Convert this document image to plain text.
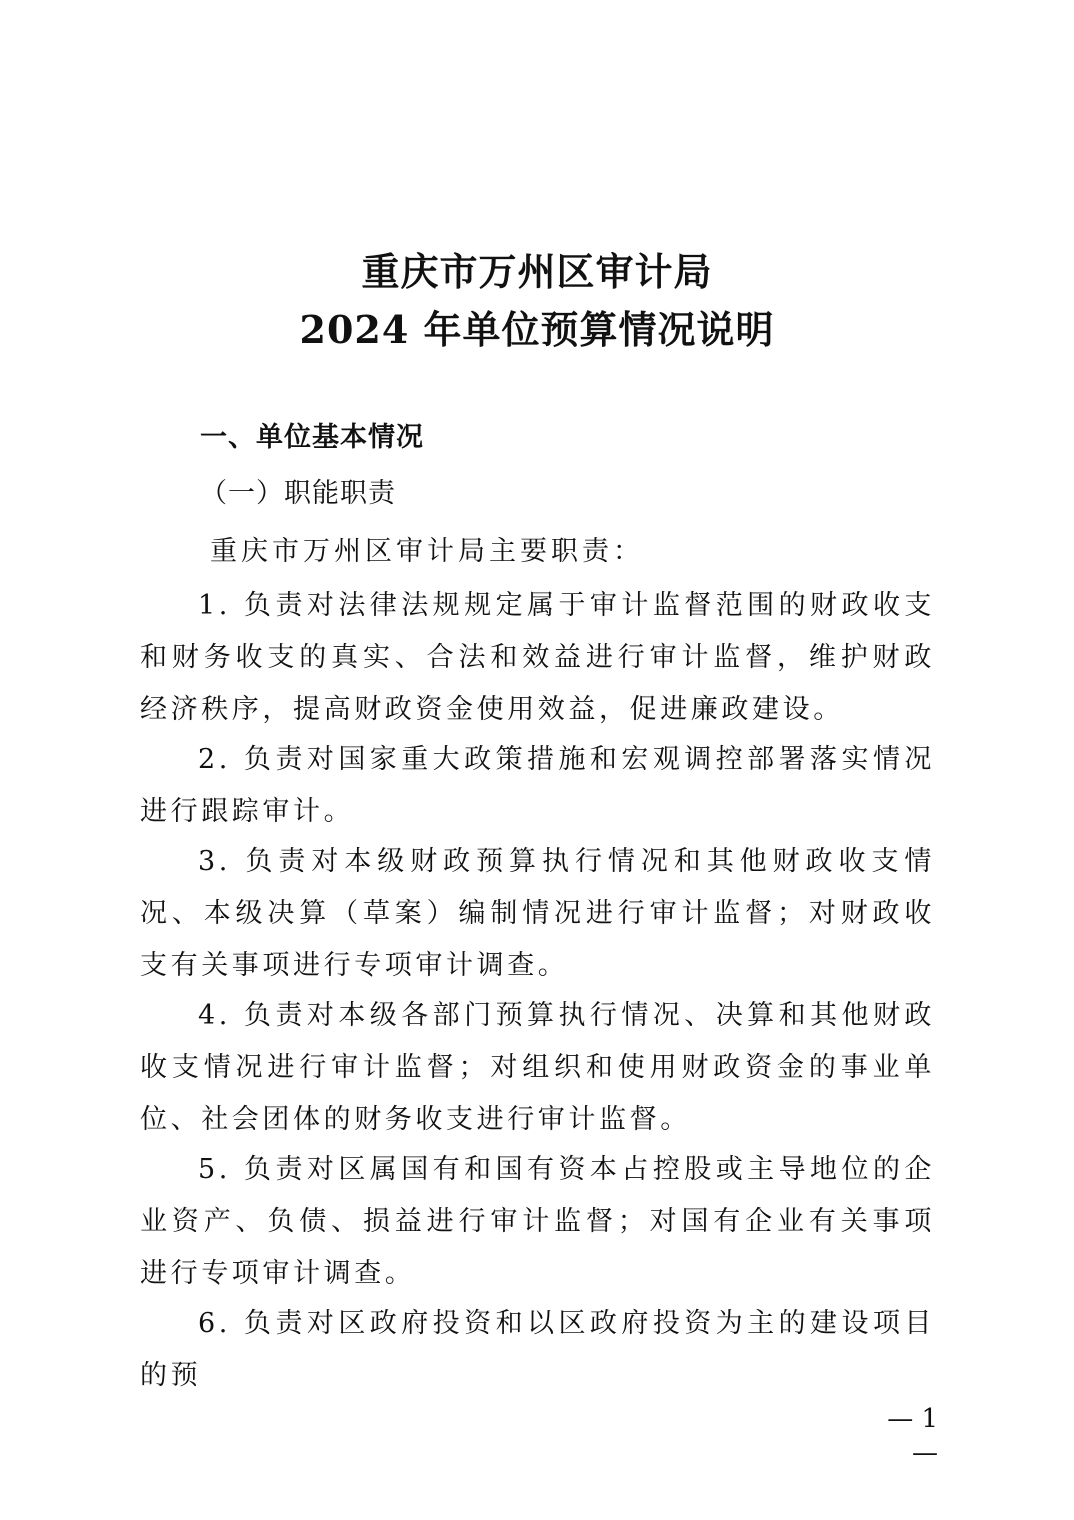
重庆市万州区审计局
2024 年单位预算情况说明
一、单位基本情况
（一）职能职责
重庆市万州区审计局主要职责：
1. 负责对法律法规规定属于审计监督范围的财政收支和财务收支的真实、合法和效益进行审计监督，维护财政经济秩序，提高财政资金使用效益，促进廉政建设。
2. 负责对国家重大政策措施和宏观调控部署落实情况进行跟踪审计。
3. 负责对本级财政预算执行情况和其他财政收支情况、本级决算（草案）编制情况进行审计监督；对财政收支有关事项进行专项审计调查。
4. 负责对本级各部门预算执行情况、决算和其他财政收支情况进行审计监督；对组织和使用财政资金的事业单位、社会团体的财务收支进行审计监督。
5. 负责对区属国有和国有资本占控股或主导地位的企业资产、负债、损益进行审计监督；对国有企业有关事项进行专项审计调查。
6. 负责对区政府投资和以区政府投资为主的建设项目的预
— 1 —
